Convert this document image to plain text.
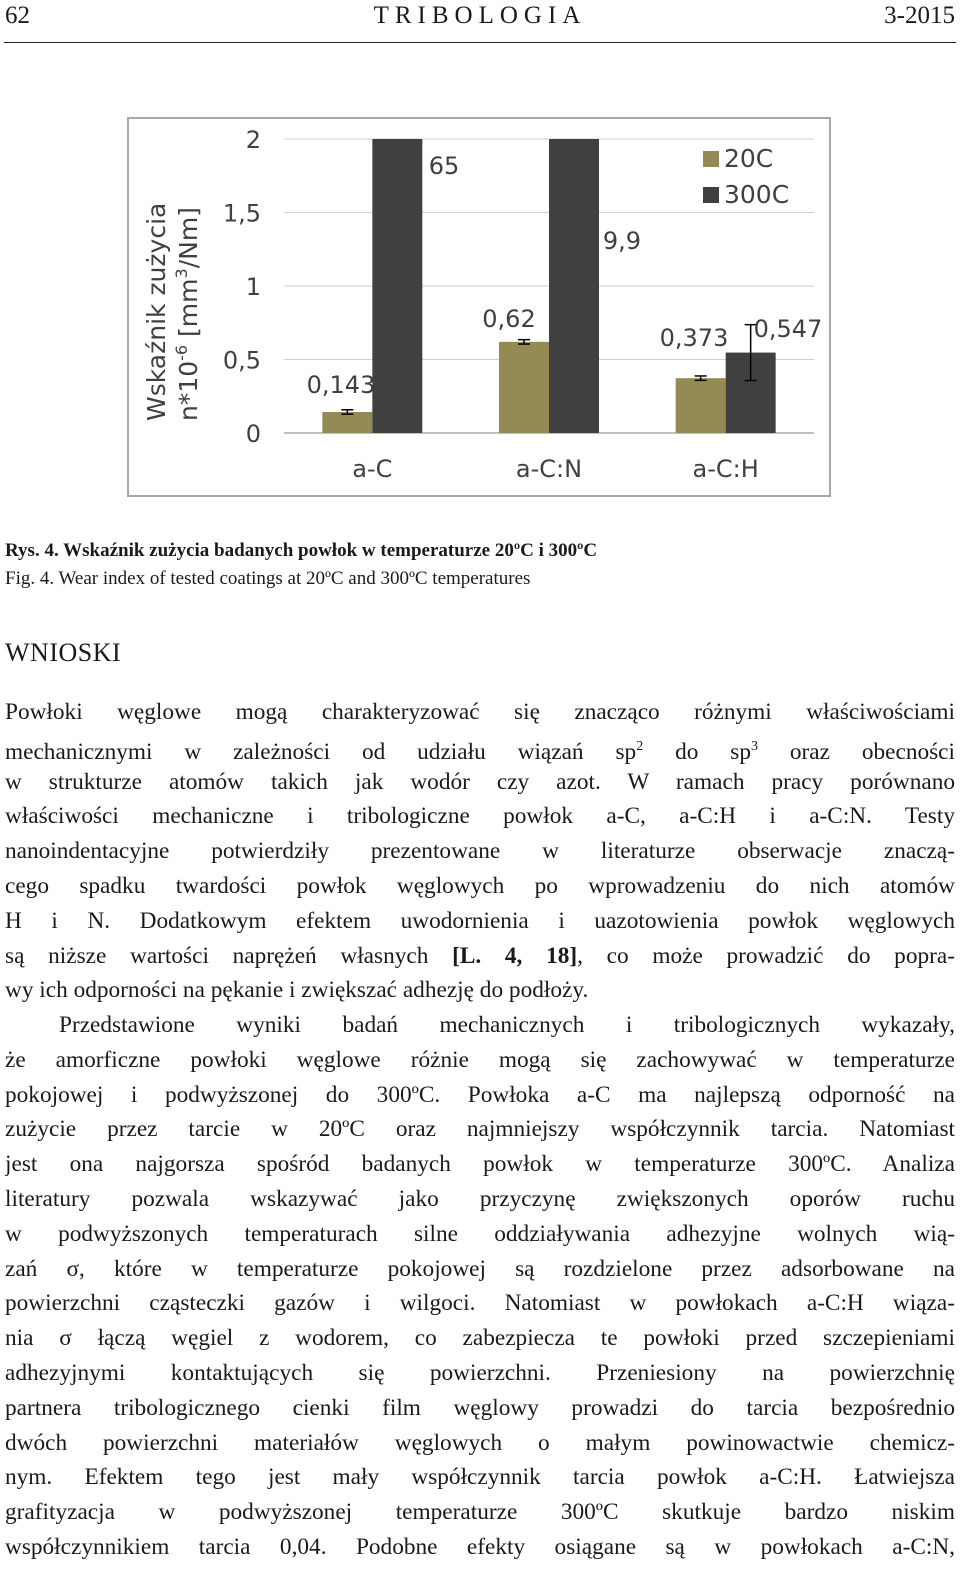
62	TRIBOLOGIA	3-2015
0,143
65
0,62
9,9
0,373 0,547
0
0,5
1
1,5
2
a-C	a-C:N	a-C:H
Wskaźnik zużycia $n*10^{-6}$ $[mm^3/Nm]$
20C
300C
Rys. 4. Wskaźnik zużycia badanych powłok w temperaturze 20ºC i 300ºC
Fig. 4. Wear index of tested coatings at 20ºC and 300ºC temperatures
WNIOSKI
Powłoki węglowe mogą charakteryzować się znacząco różnymi właściwościami
mechanicznymi w zależności od udziału wiązań $sp^2$ do $sp^3$ oraz obecności
w strukturze atomów takich jak wodór czy azot. W ramach pracy porównano
właściwości mechaniczne i tribologiczne powłok a-C, a-C:H i a-C:N. Testy
nanoindentacyjne potwierdziły prezentowane w literaturze obserwacje znaczą-
cego spadku twardości powłok węglowych po wprowadzeniu do nich atomów
H i N. Dodatkowym efektem uwodornienia i uazotowienia powłok węglowych
są niższe wartości naprężeń własnych [L. 4, 18], co może prowadzić do popra-
wy ich odporności na pękanie i zwiększać adhezję do podłoży.
Przedstawione wyniki badań mechanicznych i tribologicznych wykazały,
że amorficzne powłoki węglowe różnie mogą się zachowywać w temperaturze
pokojowej i podwyższonej do 300ºC. Powłoka a-C ma najlepszą odporność na
zużycie przez tarcie w 20ºC oraz najmniejszy współczynnik tarcia. Natomiast
jest ona najgorsza spośród badanych powłok w temperaturze 300ºC. Analiza
literatury pozwala wskazywać jako przyczynę zwiększonych oporów ruchu
w podwyższonych temperaturach silne oddziaływania adhezyjne wolnych wią-
zań σ, które w temperaturze pokojowej są rozdzielone przez adsorbowane na
powierzchni cząsteczki gazów i wilgoci. Natomiast w powłokach a-C:H wiąza-
nia σ łączą węgiel z wodorem, co zabezpiecza te powłoki przed szczepieniami
adhezyjnymi kontaktujących się powierzchni. Przeniesiony na powierzchnię
partnera tribologicznego cienki film węglowy prowadzi do tarcia bezpośrednio
dwóch powierzchni materiałów węglowych o małym powinowactwie chemicz-
nym. Efektem tego jest mały współczynnik tarcia powłok a-C:H. Łatwiejsza
grafityzacja w podwyższonej temperaturze 300ºC skutkuje bardzo niskim
współczynnikiem tarcia 0,04. Podobne efekty osiągane są w powłokach a-C:N,
